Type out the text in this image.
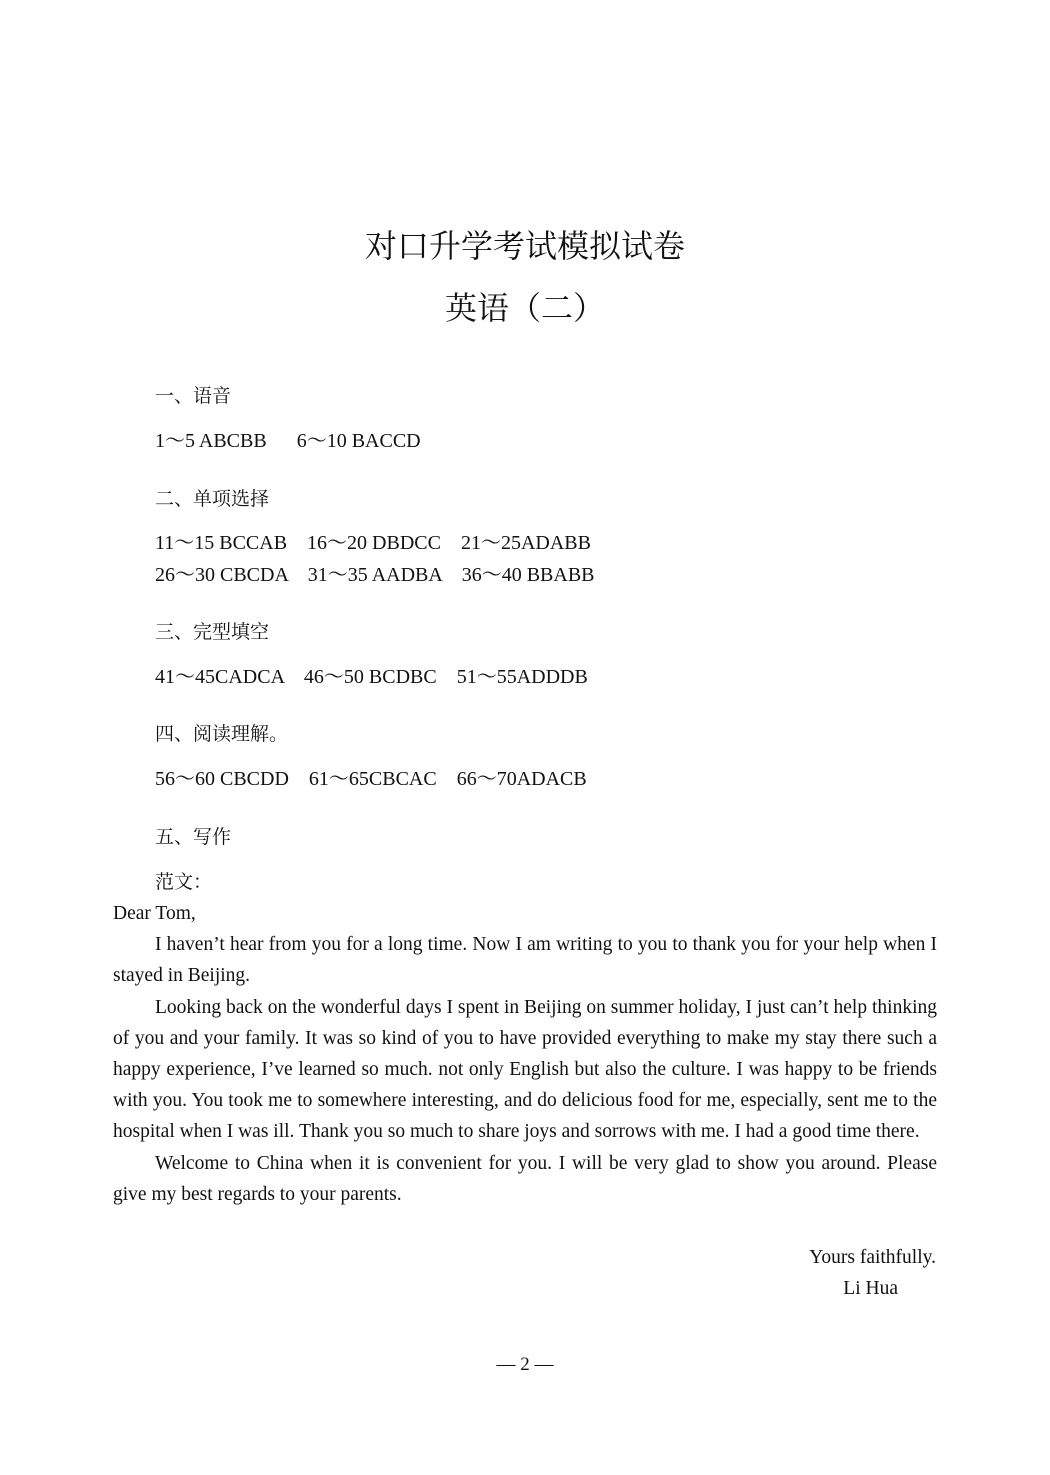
对口升学考试模拟试卷
英语（二）
一、语音
1～5 ABCBB      6～10 BACCD
二、单项选择
11～15 BCCAB    16～20 DBDCC    21～25ADABB
26～30 CBCDA    31～35 AADBA    36～40 BBABB
三、完型填空
41～45CADCA    46～50 BCDBC    51～55ADDDB
四、阅读理解。
56～60 CBCDD    61～65CBCAC    66～70ADACB
五、写作
范文：

Dear Tom,

I haven’t hear from you for a long time. Now I am writing to you to thank you for your help when I stayed in Beijing.

Looking back on the wonderful days I spent in Beijing on summer holiday, I just can’t help thinking of you and your family. It was so kind of you to have provided everything to make my stay there such a happy experience, I’ve learned so much. not only English but also the culture. I was happy to be friends with you. You took me to somewhere interesting, and do delicious food for me, especially, sent me to the hospital when I was ill. Thank you so much to share joys and sorrows with me. I had a good time there.

Welcome to China when it is convenient for you. I will be very glad to show you around. Please give my best regards to your parents.

Yours faithfully.
Li Hua
— 2 —
